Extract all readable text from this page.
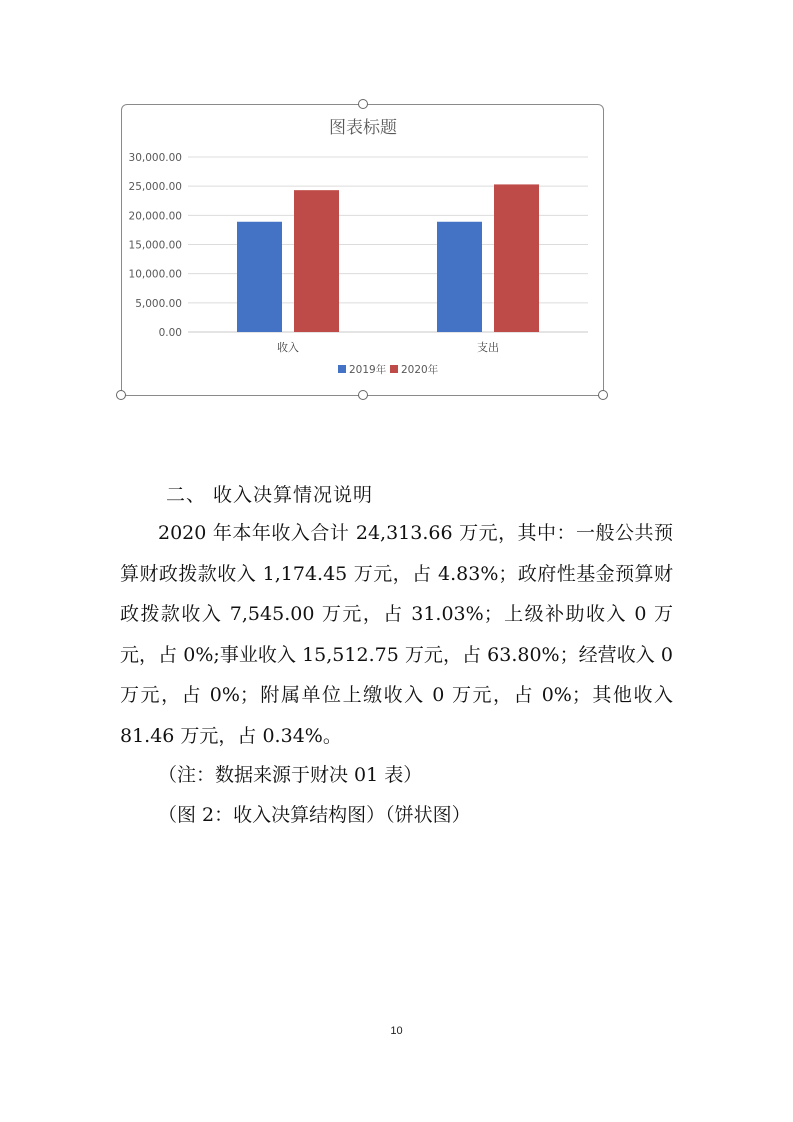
图表标题
0.00
5,000.00
10,000.00
15,000.00
20,000.00
25,000.00
30,000.00
收入	支出
2019年 2020年
二、 收入决算情况说明

2020 年本年收入合计 24,313.66 万元，其中：一般公共预算财政拨款收入 1,174.45 万元，占 4.83%；政府性基金预算财政拨款收入 7,545.00 万元，占 31.03%；上级补助收入 0 万元，占 0%;事业收入 15,512.75 万元，占 63.80%；经营收入 0 万元，占 0%；附属单位上缴收入 0 万元，占 0%；其他收入 81.46 万元，占 0.34%。

（注：数据来源于财决 01 表）

（图 2：收入决算结构图）（饼状图）

10
